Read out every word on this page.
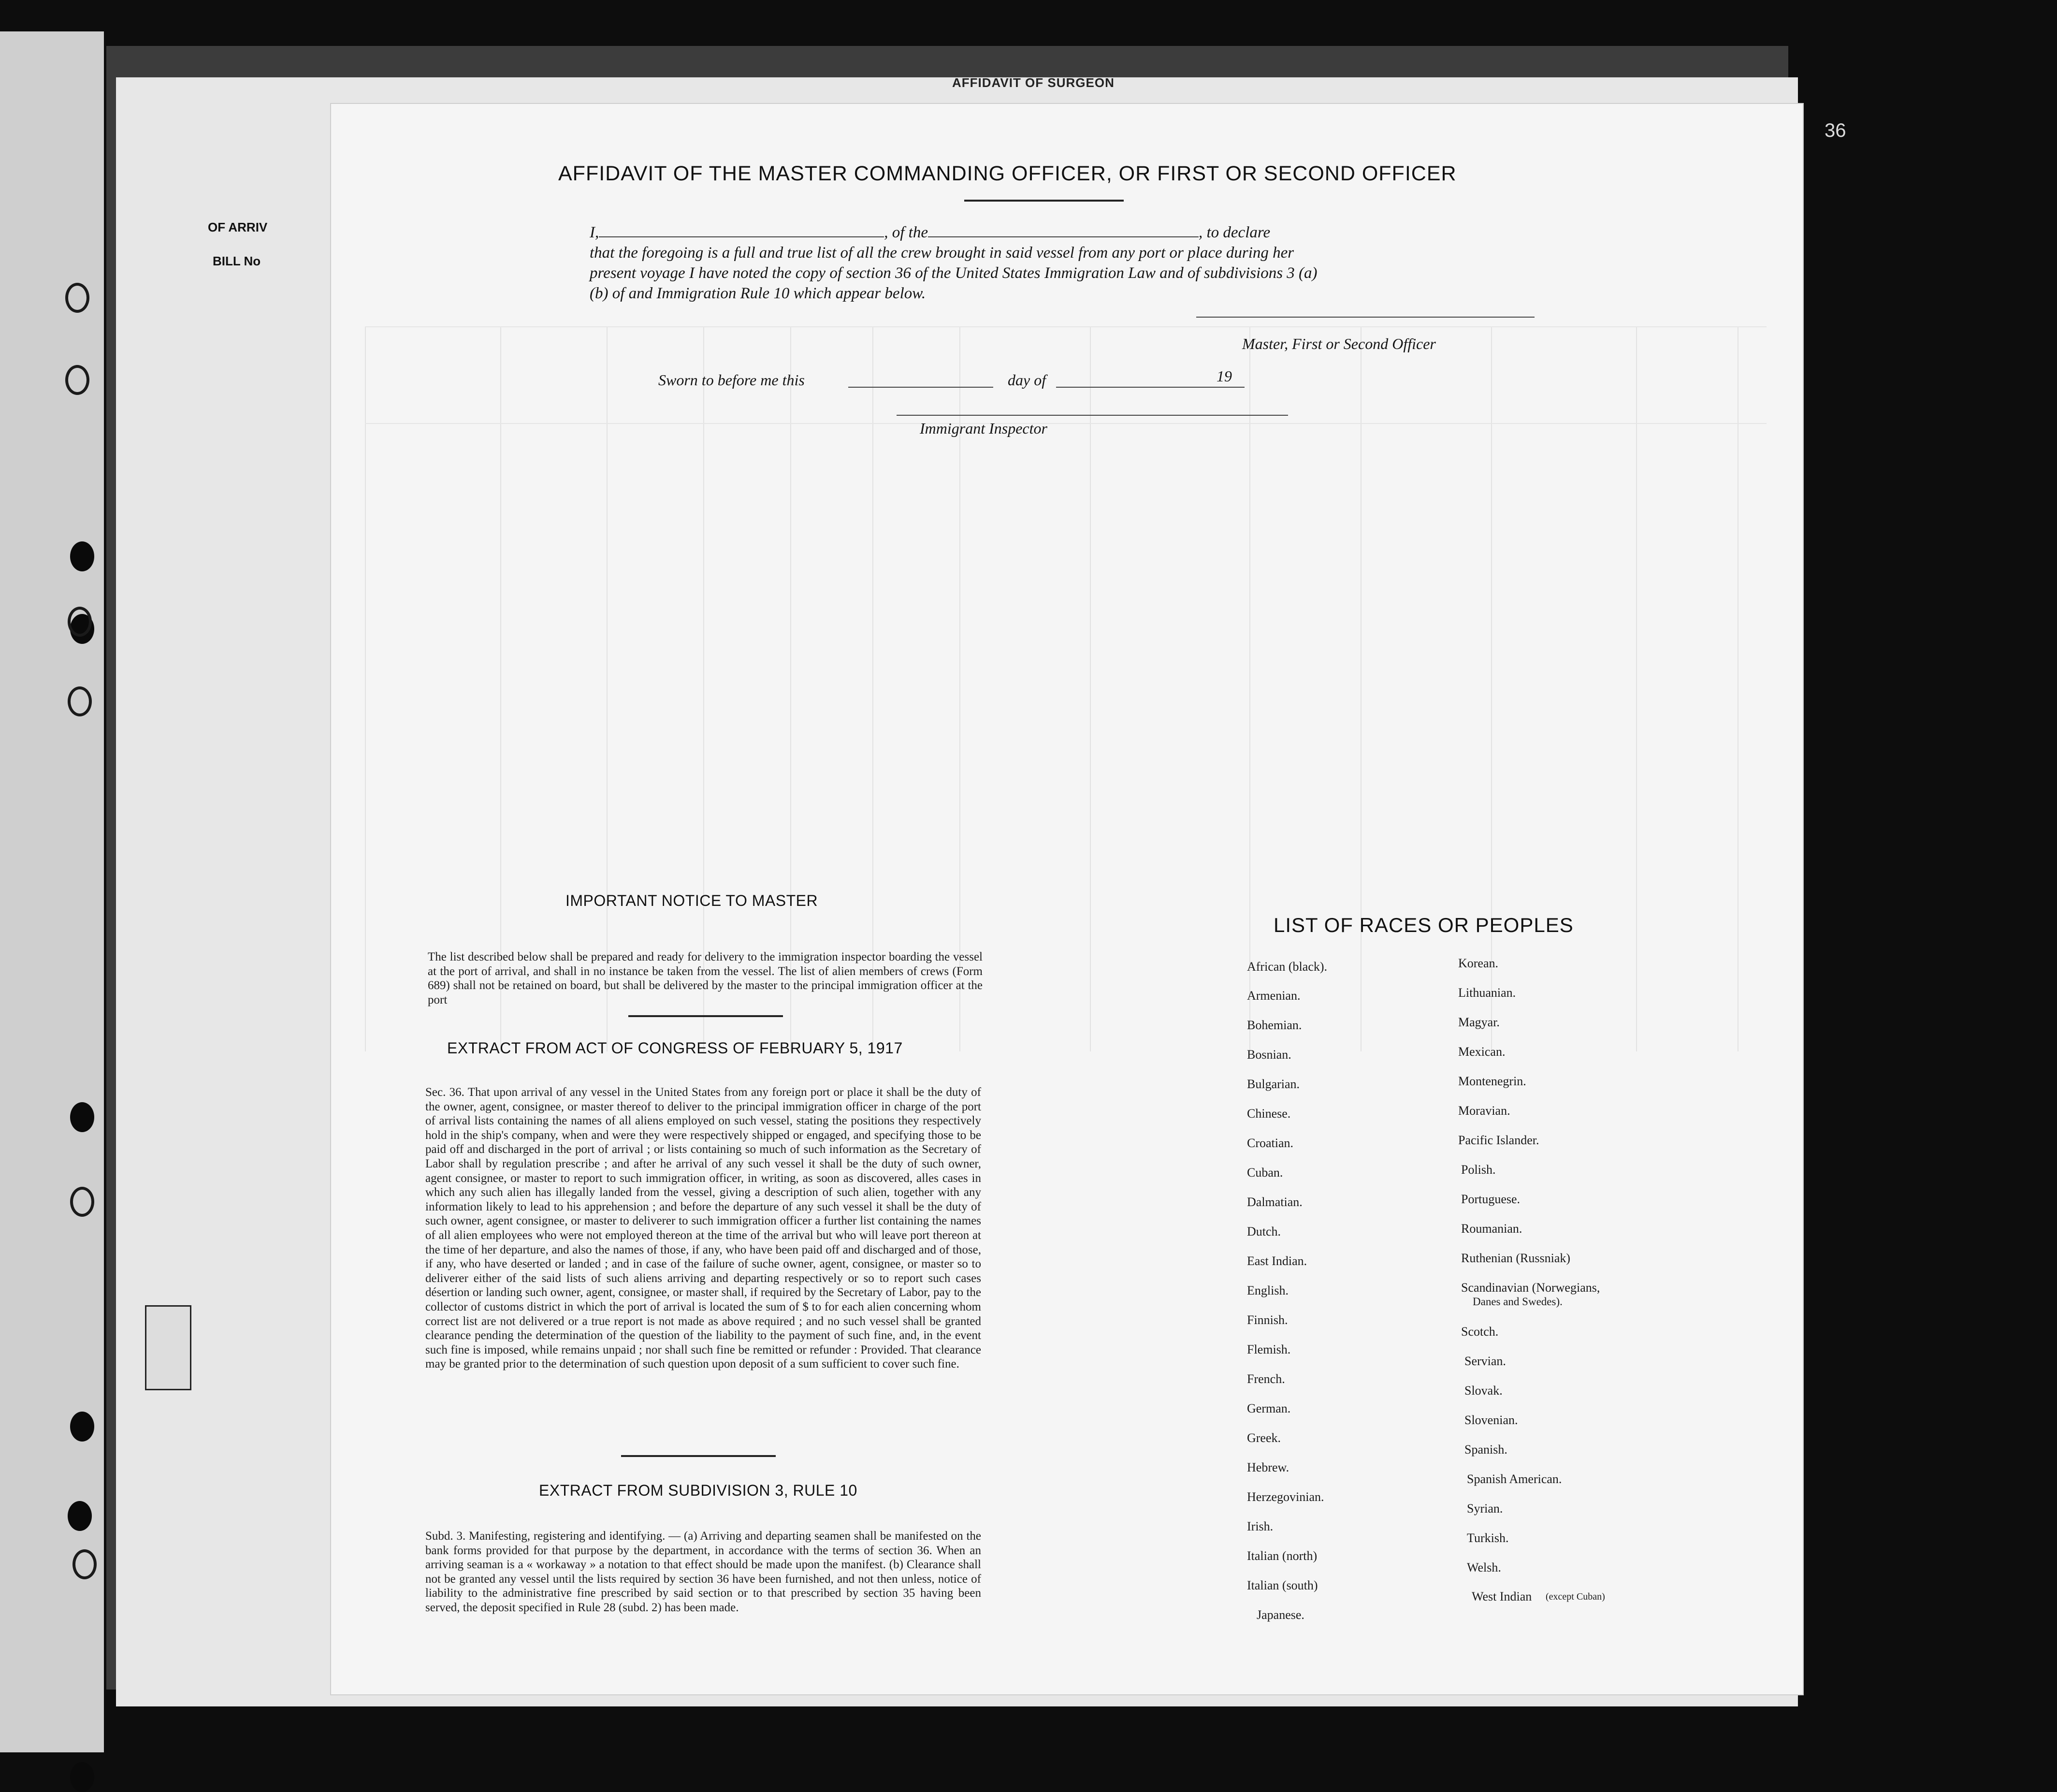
OF ARRIV
BILL No
AFFIDAVIT OF SURGEON
36
AFFIDAVIT OF THE MASTER COMMANDING OFFICER, OR FIRST OR SECOND OFFICER

I,	, of the	, to declare

that the foregoing is a full and true list of all the crew brought in said vessel from any port or place during her

present voyage I have noted the copy of section 36 of the United States Immigration Law and of subdivisions 3 (a)

(b) of and Immigration Rule 10 which appear below.

Master, First or Second Officer
Sworn to before me this	day of	19
Immigrant Inspector
IMPORTANT NOTICE TO MASTER

The list described below shall be prepared and ready for delivery to the immigration inspector boarding the vessel at the port of arrival, and shall in no instance be taken from the vessel. The list of alien members of crews (Form 689) shall not be retained on board, but shall be delivered by the master to the principal immigration officer at the port

EXTRACT FROM ACT OF CONGRESS OF FEBRUARY 5, 1917

Sec. 36. That upon arrival of any vessel in the United States from any foreign port or place it shall be the duty of the owner, agent, consignee, or master thereof to deliver to the principal immigration officer in charge of the port of arrival lists containing the names of all aliens employed on such vessel, stating the positions they respectively hold in the ship's company, when and were they were respectively shipped or engaged, and specifying those to be paid off and discharged in the port of arrival ; or lists containing so much of such information as the Secretary of Labor shall by regulation prescribe ; and after he arrival of any such vessel it shall be the duty of such owner, agent consignee, or master to report to such immigration officer, in writing, as soon as discovered, alles cases in which any such alien has illegally landed from the vessel, giving a description of such alien, together with any information likely to lead to his apprehension ; and before the departure of any such vessel it shall be the duty of such owner, agent consignee, or master to deliverer to such immigration officer a further list containing the names of all alien employees who were not employed thereon at the time of the arrival but who will leave port thereon at the time of her departure, and also the names of those, if any, who have been paid off and discharged and of those, if any, who have deserted or landed ; and in case of the failure of suche owner, agent, consignee, or master so to deliverer either of the said lists of such aliens arriving and departing respectively or so to report such cases désertion or landing such owner, agent, consignee, or master shall, if required by the Secretary of Labor, pay to the collector of customs district in which the port of arrival is located the sum of $ to for each alien concerning whom correct list are not delivered or a true report is not made as above required ; and no such vessel shall be granted clearance pending the determination of the question of the liability to the payment of such fine, and, in the event such fine is imposed, while remains unpaid ; nor shall such fine be remitted or refunder : Provided. That clearance may be granted prior to the determination of such question upon deposit of a sum sufficient to cover such fine.

EXTRACT FROM SUBDIVISION 3, RULE 10

Subd. 3. Manifesting, registering and identifying. — (a) Arriving and departing seamen shall be manifested on the bank forms provided for that purpose by the department, in accordance with the terms of section 36. When an arriving seaman is a « workaway » a notation to that effect should be made upon the manifest. (b) Clearance shall not be granted any vessel until the lists required by section 36 have been furnished, and not then unless, notice of liability to the administrative fine prescribed by said section or to that prescribed by section 35 having been served, the deposit specified in Rule 28 (subd. 2) has been made.

LIST OF RACES OR PEOPLES
African (black).
Armenian.
Bohemian.
Bosnian.
Bulgarian.
Chinese.
Croatian.
Cuban.
Dalmatian.
Dutch.
East Indian.
English.
Finnish.
Flemish.
French.
German.
Greek.
Hebrew.
Herzegovinian.
Irish.
Italian (north)
Italian (south)
Japanese.
Korean.
Lithuanian.
Magyar.
Mexican.
Montenegrin.
Moravian.
Pacific Islander.
Polish.
Portuguese.
Roumanian.
Ruthenian (Russniak)
Scandinavian (Norwegians,
Danes and Swedes).
Scotch.
Servian.
Slovak.
Slovenian.
Spanish.
Spanish American.
Syrian.
Turkish.
Welsh.
West Indian (except Cuban)
